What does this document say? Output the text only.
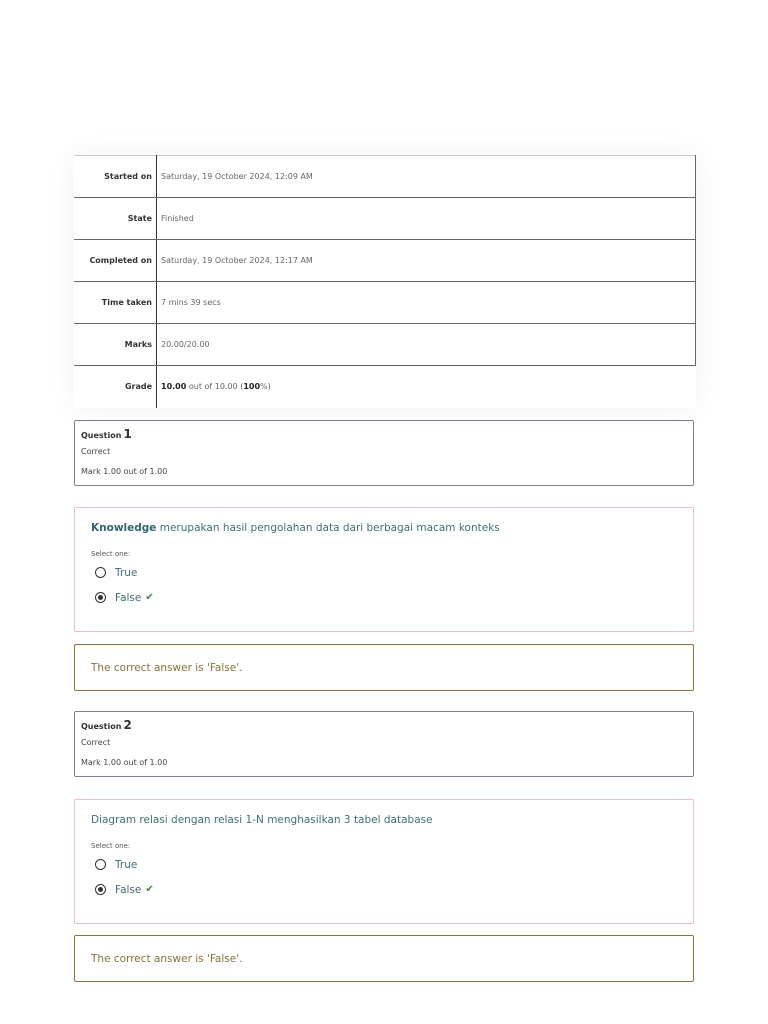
Started on	Saturday, 19 October 2024, 12:09 AM
State	Finished
Completed on	Saturday, 19 October 2024, 12:17 AM
Time taken	7 mins 39 secs
Marks	20.00/20.00
Grade	10.00 out of 10.00 (100%)
Question 1
Correct
Mark 1.00 out of 1.00
Knowledge merupakan hasil pengolahan data dari berbagai macam konteks
Select one:
True
False ✔
The correct answer is 'False'.
Question 2
Correct
Mark 1.00 out of 1.00
Diagram relasi dengan relasi 1-N menghasilkan 3 tabel database
Select one:
True
False ✔
The correct answer is 'False'.
